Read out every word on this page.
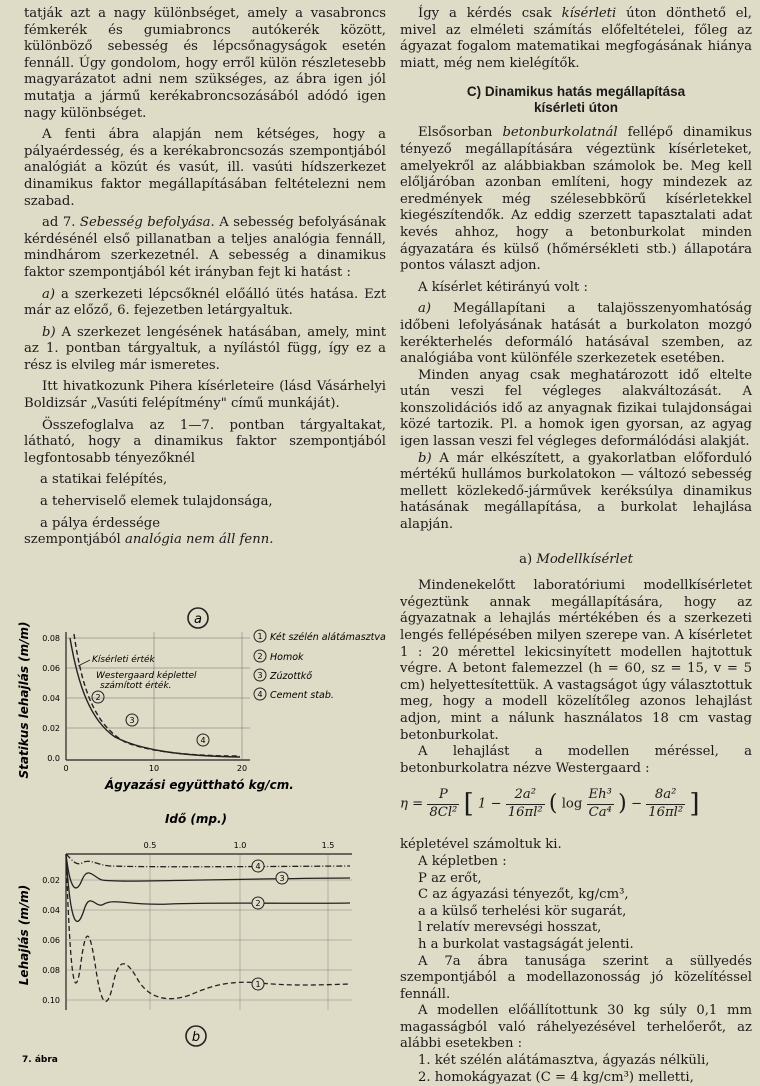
tatják azt a nagy különbséget, amely a vasabroncs fémkerék és gumiabroncs autókerék között, különböző sebesség és lépcsőnagyságok esetén fennáll. Úgy gondolom, hogy erről külön részletesebb magyarázatot adni nem szükséges, az ábra igen jól mutatja a jármű kerékabroncsozásából adódó igen nagy különbséget.

A fenti ábra alapján nem kétséges, hogy a pályaérdesség, és a kerékabroncsozás szempontjából analógiát a közút és vasút, ill. vasúti hídszerkezet dinamikus faktor megállapításában feltételezni nem szabad.

ad 7. Sebesség befolyása. A sebesség befolyásának kérdésénél első pillanatban a teljes analógia fennáll, mindhárom szerkezetnél. A sebesség a dinamikus faktor szempontjából két irányban fejt ki hatást :

a) a szerkezeti lépcsőknél előálló ütés hatása. Ezt már az előző, 6. fejezetben letárgyaltuk.

b) A szerkezet lengésének hatásában, amely, mint az 1. pontban tárgyaltuk, a nyílástól függ, így ez a rész is elvileg már ismeretes.

Itt hivatkozunk Pihera kísérleteire (lásd Vásárhelyi Boldizsár „Vasúti felépítmény" című munkáját).

Összefoglalva az 1—7. pontban tárgyaltakat, látható, hogy a dinamikus faktor szempontjából legfontosabb tényezőknél

a statikai felépítés,

a teherviselő elemek tulajdonsága,

a pálya érdessége

szempontjából analógia nem áll fenn.

a
Statikus lehajlás (m/m) 0.08
0.06
0.04
0.02
0.0
0	10	20
Ágyazási együttható kg/cm.
Kísérleti érték
Westergaard képlettel
számított érték.
2
3
4
1 Két szélén alátámasztva
2 Homok
3 Zúzottkő
4 Cement stab.
Idő (mp.)
0.5	1.0	1.5
0.02
0.04
0.06
0.08
0.10
Lehajlás (m/m)
4
3
2
1
b
7. ábra

Így a kérdés csak kísérleti úton dönthető el, mivel az elméleti számítás előfeltételei, főleg az ágyazat fogalom matematikai megfogásának hiánya miatt, még nem kielégítők.

C) Dinamikus hatás megállapítása
kísérleti úton

Elsősorban betonburkolatnál fellépő dinamikus tényező megállapítására végeztünk kísérleteket, amelyekről az alábbiakban számolok be. Meg kell előljáróban azonban említeni, hogy mindezek az eredmények még szélesebbkörű kísérletekkel kiegészítendők. Az eddig szerzett tapasztalati adat kevés ahhoz, hogy a betonburkolat minden ágyazatára és külső (hőmérsékleti stb.) állapotára pontos választ adjon.

A kísérlet kétirányú volt :

a) Megállapítani a talajösszenyomhatóság időbeni lefolyásának hatását a burkolaton mozgó kerékterhelés deformáló hatásával szemben, az analógiába vont különféle szerkezetek esetében.

Minden anyag csak meghatározott idő eltelte után veszi fel végleges alakváltozását. A konszolidációs idő az anyagnak fizikai tulajdonságai közé tartozik. Pl. a homok igen gyorsan, az agyag igen lassan veszi fel végleges deformálódási alakját.

b) A már elkészített, a gyakorlatban előforduló mértékű hullámos burkolatokon — változó sebesség mellett közlekedő-járművek keréksúlya dinamikus hatásának megállapítása, a burkolat lehajlása alapján.

a) Modellkísérlet

Mindenekelőtt laboratóriumi modellkísérletet végeztünk annak megállapítására, hogy az ágyazatnak a lehajlás mértékében és a szerkezeti lengés fellépésében milyen szerepe van. A kísérletet 1 : 20 mérettel lekicsinyített modellen hajtottuk végre. A betont falemezzel (h = 60, sz = 15, v = 5 cm) helyettesítettük. A vastagságot úgy választottuk meg, hogy a modell közelítőleg azonos lehajlást adjon, mint a nálunk használatos 18 cm vastag betonburkolat.

A lehajlást a modellen méréssel, a betonburkolatra nézve Westergaard :

$\eta = \frac{P}{\text{8Cl²}}$ [ $1 - \frac{\text{2a²}}{\text{16πl²}}$ ( $\log \frac{\text{Eh³}}{\text{Ca⁴}}$ ) − $\frac{\text{8a²}}{\text{16πl²}}$ ]

képletével számoltuk ki.

A képletben :

P az erőt,

C az ágyazási tényezőt, kg/cm³,

a a külső terhelési kör sugarát,

l relatív merevségi hosszat,

h a burkolat vastagságát jelenti.

A 7a ábra tanusága szerint a süllyedés szempontjából a modellazonosság jó közelítéssel fennáll.

A modellen előállítottunk 30 kg súly 0,1 mm magasságból való ráhelyezésével terhelőerőt, az alábbi esetekben :

1. két szélén alátámasztva, ágyazás nélküli,

2. homokágyazat (C = 4 kg/cm³) melletti,
